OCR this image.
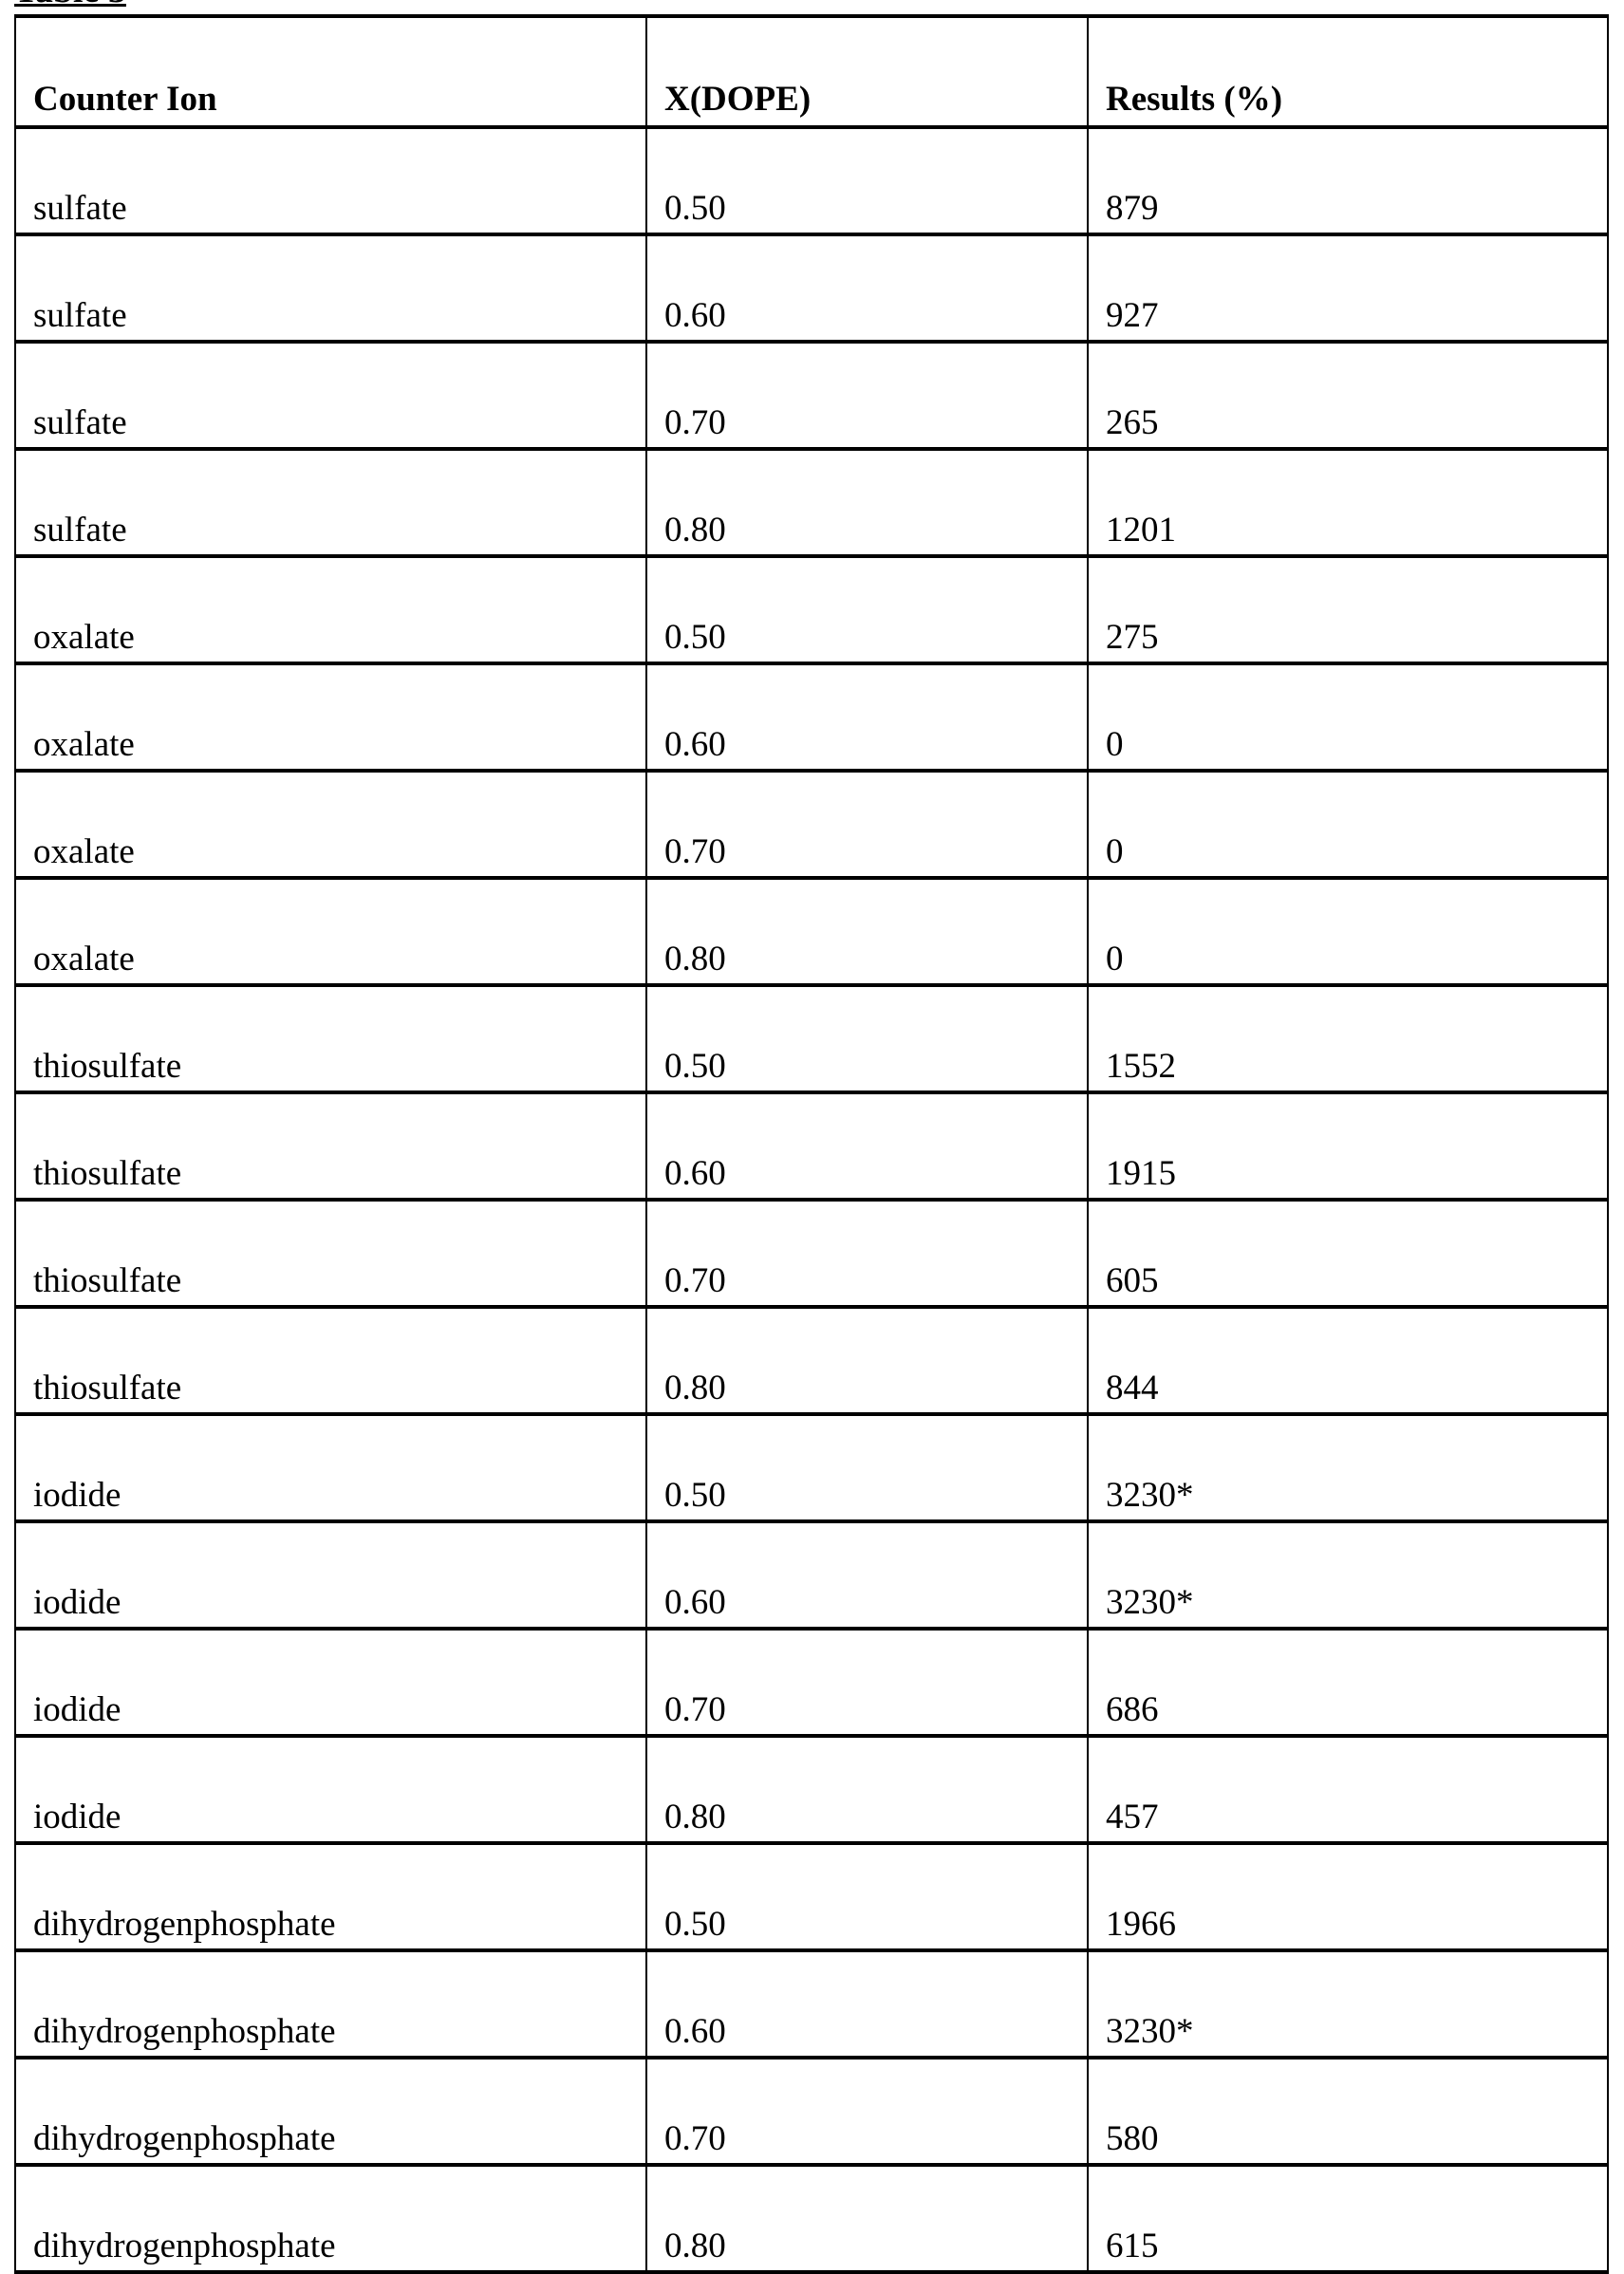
Counter Ion	X(DOPE)	Results (%)
sulfate	0.50	879
sulfate	0.60	927
sulfate	0.70	265
sulfate	0.80	1201
oxalate	0.50	275
oxalate	0.60	0
oxalate	0.70	0
oxalate	0.80	0
thiosulfate	0.50	1552
thiosulfate	0.60	1915
thiosulfate	0.70	605
thiosulfate	0.80	844
iodide	0.50	3230*
iodide	0.60	3230*
iodide	0.70	686
iodide	0.80	457
dihydrogenphosphate	0.50	1966
dihydrogenphosphate	0.60	3230*
dihydrogenphosphate	0.70	580
dihydrogenphosphate	0.80	615
